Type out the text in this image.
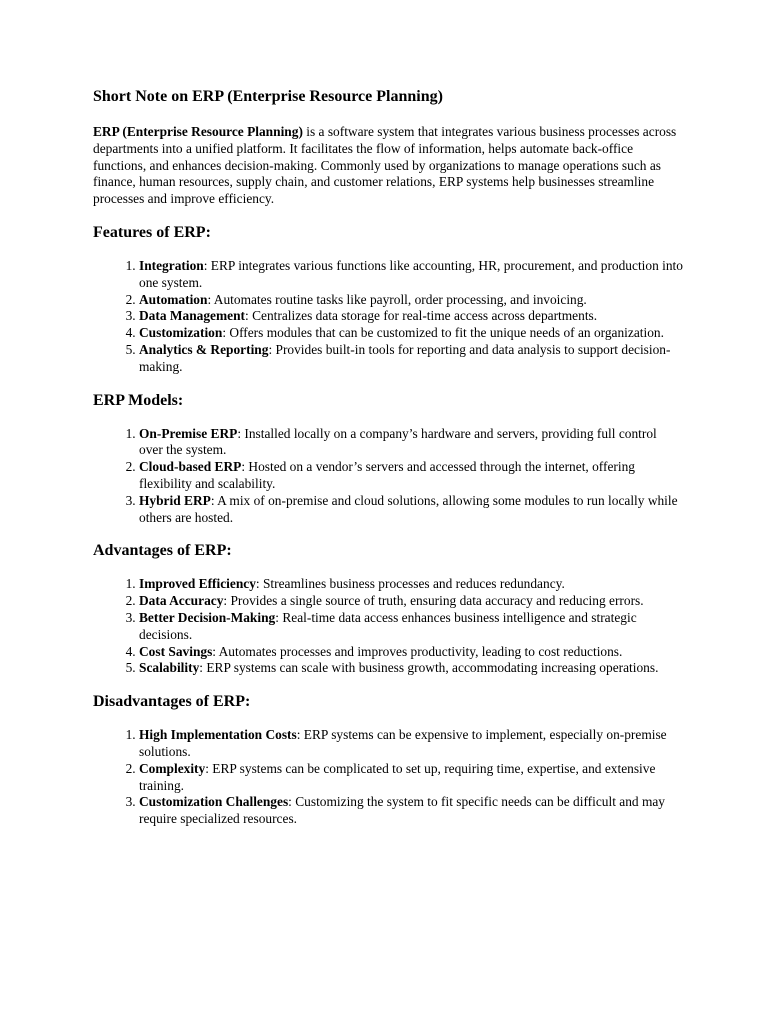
Short Note on ERP (Enterprise Resource Planning)

ERP (Enterprise Resource Planning) is a software system that integrates various business processes across departments into a unified platform. It facilitates the flow of information, helps automate back-office functions, and enhances decision-making. Commonly used by organizations to manage operations such as finance, human resources, supply chain, and customer relations, ERP systems help businesses streamline processes and improve efficiency.

Features of ERP:
1. Integration: ERP integrates various functions like accounting, HR, procurement, and production into one system.
2. Automation: Automates routine tasks like payroll, order processing, and invoicing.
3. Data Management: Centralizes data storage for real-time access across departments.
4. Customization: Offers modules that can be customized to fit the unique needs of an organization.
5. Analytics & Reporting: Provides built-in tools for reporting and data analysis to support decision-making.
ERP Models:
1. On-Premise ERP: Installed locally on a company’s hardware and servers, providing full control over the system.
2. Cloud-based ERP: Hosted on a vendor’s servers and accessed through the internet, offering flexibility and scalability.
3. Hybrid ERP: A mix of on-premise and cloud solutions, allowing some modules to run locally while others are hosted.
Advantages of ERP:
1. Improved Efficiency: Streamlines business processes and reduces redundancy.
2. Data Accuracy: Provides a single source of truth, ensuring data accuracy and reducing errors.
3. Better Decision-Making: Real-time data access enhances business intelligence and strategic decisions.
4. Cost Savings: Automates processes and improves productivity, leading to cost reductions.
5. Scalability: ERP systems can scale with business growth, accommodating increasing operations.
Disadvantages of ERP:
1. High Implementation Costs: ERP systems can be expensive to implement, especially on-premise solutions.
2. Complexity: ERP systems can be complicated to set up, requiring time, expertise, and extensive training.
3. Customization Challenges: Customizing the system to fit specific needs can be difficult and may require specialized resources.
